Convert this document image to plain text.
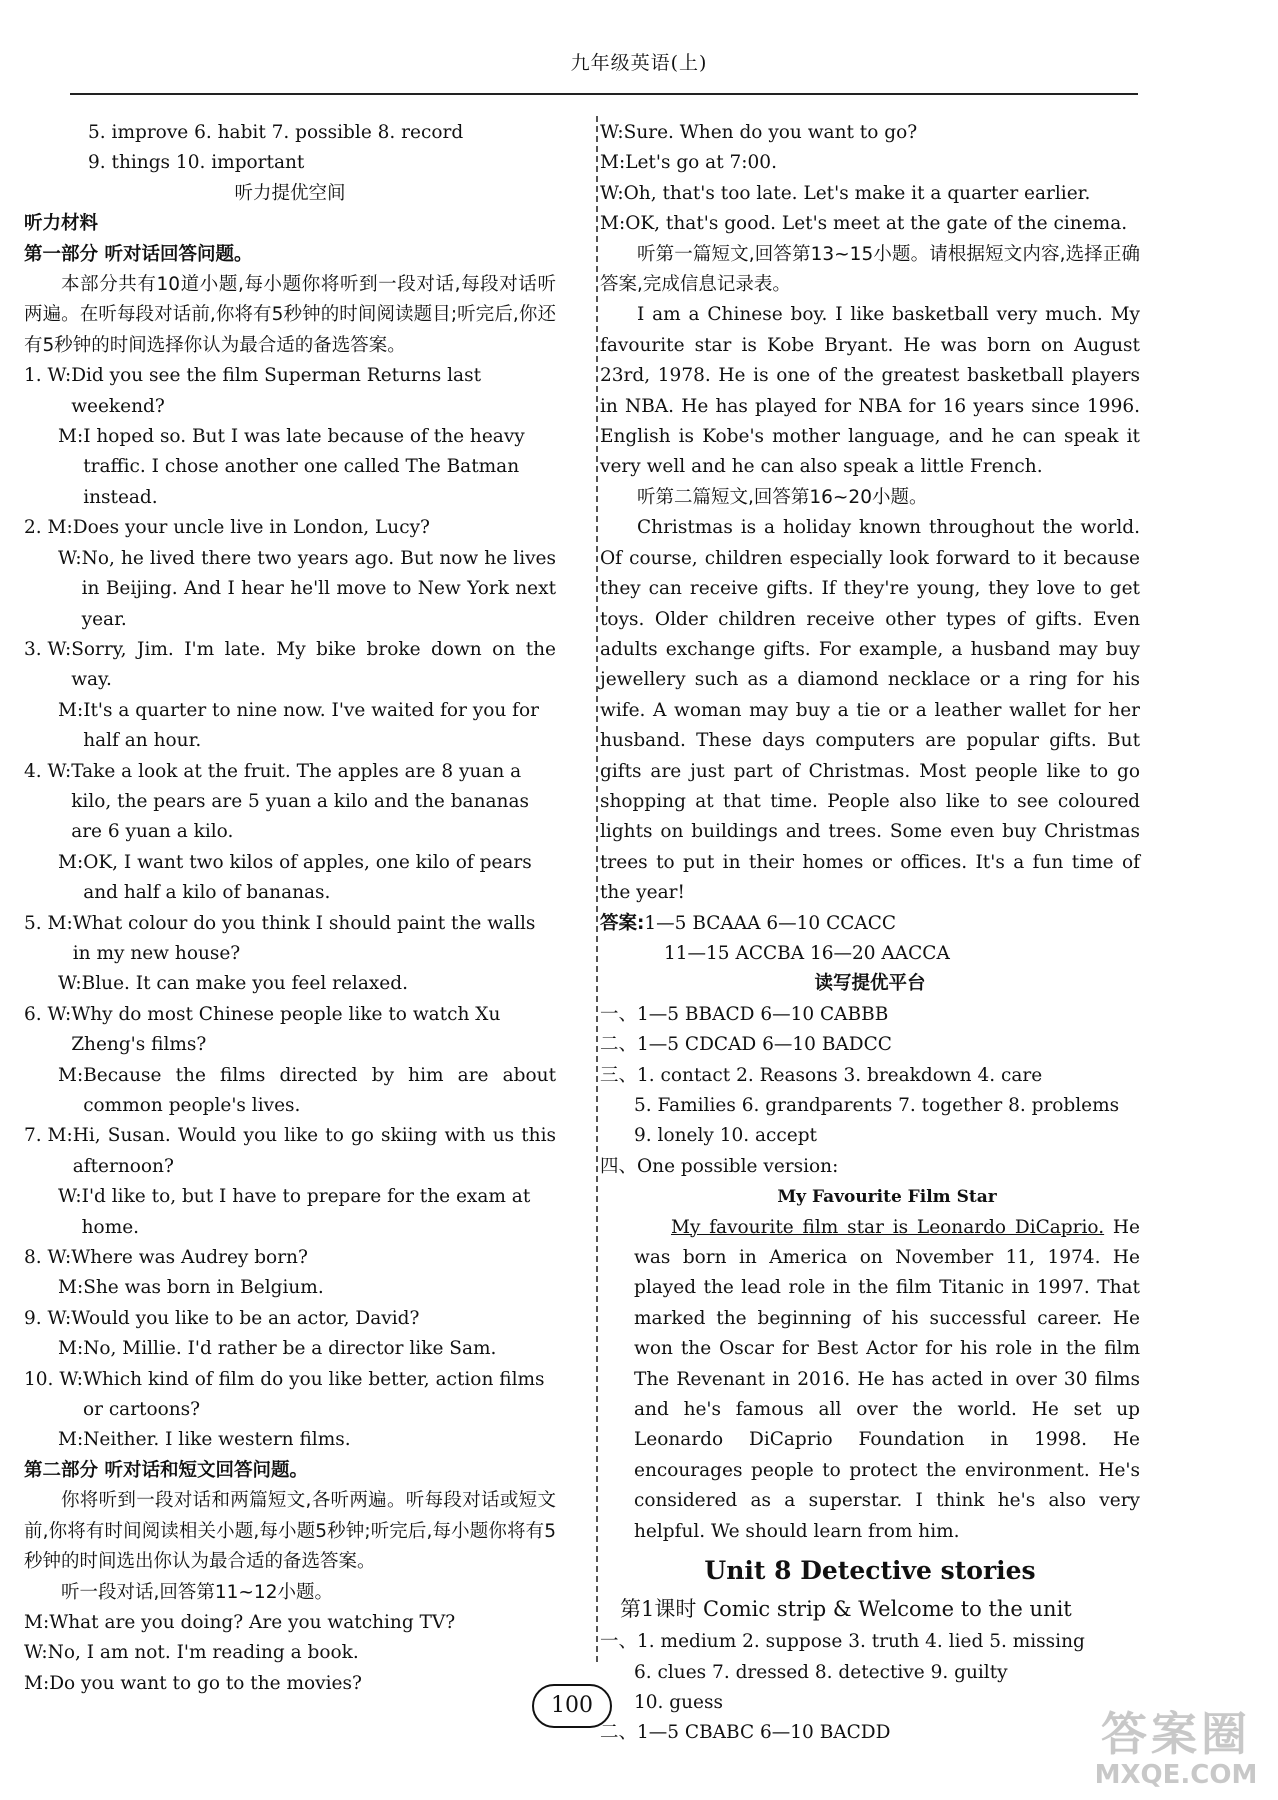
九年级英语(上)

5. improve 6. habit 7. possible 8. record

9. things 10. important

听力提优空间

听力材料

第一部分 听对话回答问题。

本部分共有10道小题,每小题你将听到一段对话,每段对话听两遍。在听每段对话前,你将有5秒钟的时间阅读题目;听完后,你还有5秒钟的时间选择你认为最合适的备选答案。

1. W: Did you see the film Superman Returns last weekend?
M: I hoped so. But I was late because of the heavy traffic. I chose another one called The Batman instead.
2. M: Does your uncle live in London, Lucy?
W: No, he lived there two years ago. But now he lives in Beijing. And I hear he'll move to New York next year.
3. W: Sorry, Jim. I'm late. My bike broke down on the way.
M: It's a quarter to nine now. I've waited for you for half an hour.
4. W: Take a look at the fruit. The apples are 8 yuan a kilo, the pears are 5 yuan a kilo and the bananas are 6 yuan a kilo.
M: OK, I want two kilos of apples, one kilo of pears and half a kilo of bananas.
5. M: What colour do you think I should paint the walls in my new house?
W: Blue. It can make you feel relaxed.
6. W: Why do most Chinese people like to watch Xu Zheng's films?
M: Because the films directed by him are about common people's lives.
7. M: Hi, Susan. Would you like to go skiing with us this afternoon?
W: I'd like to, but I have to prepare for the exam at home.
8. W: Where was Audrey born?
M: She was born in Belgium.
9. W: Would you like to be an actor, David?
M: No, Millie. I'd rather be a director like Sam.
10. W: Which kind of film do you like better, action films or cartoons?
M: Neither. I like western films.

第二部分 听对话和短文回答问题。

你将听到一段对话和两篇短文,各听两遍。听每段对话或短文前,你将有时间阅读相关小题,每小题5秒钟;听完后,每小题你将有5秒钟的时间选出你认为最合适的备选答案。

听一段对话,回答第11~12小题。

M: What are you doing? Are you watching TV?
W: No, I am not. I'm reading a book.
M: Do you want to go to the movies?
W: Sure. When do you want to go?
M: Let's go at 7:00.
W: Oh, that's too late. Let's make it a quarter earlier.
M: OK, that's good. Let's meet at the gate of the cinema.

听第一篇短文,回答第13~15小题。请根据短文内容,选择正确答案,完成信息记录表。

I am a Chinese boy. I like basketball very much. My favourite star is Kobe Bryant. He was born on August 23rd, 1978. He is one of the greatest basketball players in NBA. He has played for NBA for 16 years since 1996. English is Kobe's mother language, and he can speak it very well and he can also speak a little French.

听第二篇短文,回答第16~20小题。

Christmas is a holiday known throughout the world. Of course, children especially look forward to it because they can receive gifts. If they're young, they love to get toys. Older children receive other types of gifts. Even adults exchange gifts. For example, a husband may buy jewellery such as a diamond necklace or a ring for his wife. A woman may buy a tie or a leather wallet for her husband. These days computers are popular gifts. But gifts are just part of Christmas. Most people like to go shopping at that time. People also like to see coloured lights on buildings and trees. Some even buy Christmas trees to put in their homes or offices. It's a fun time of the year!

答案:1—5 BCAAA 6—10 CCACC

11—15 ACCBA 16—20 AACCA

读写提优平台

一、1—5 BBACD 6—10 CABBB

二、1—5 CDCAD 6—10 BADCC

三、1. contact 2. Reasons 3. breakdown 4. care

5. Families 6. grandparents 7. together 8. problems

9. lonely 10. accept

四、One possible version:

My Favourite Film Star

My favourite film star is Leonardo DiCaprio. He was born in America on November 11, 1974. He played the lead role in the film Titanic in 1997. That marked the beginning of his successful career. He won the Oscar for Best Actor for his role in the film The Revenant in 2016. He has acted in over 30 films and he's famous all over the world. He set up Leonardo DiCaprio Foundation in 1998. He encourages people to protect the environment. He's considered as a superstar. I think he's also very helpful. We should learn from him.

Unit 8 Detective stories

第1课时 Comic strip & Welcome to the unit

一、1. medium 2. suppose 3. truth 4. lied 5. missing

6. clues 7. dressed 8. detective 9. guilty

10. guess

二、1—5 CBABC 6—10 BACDD

100
答案圈
MXQE.COM
